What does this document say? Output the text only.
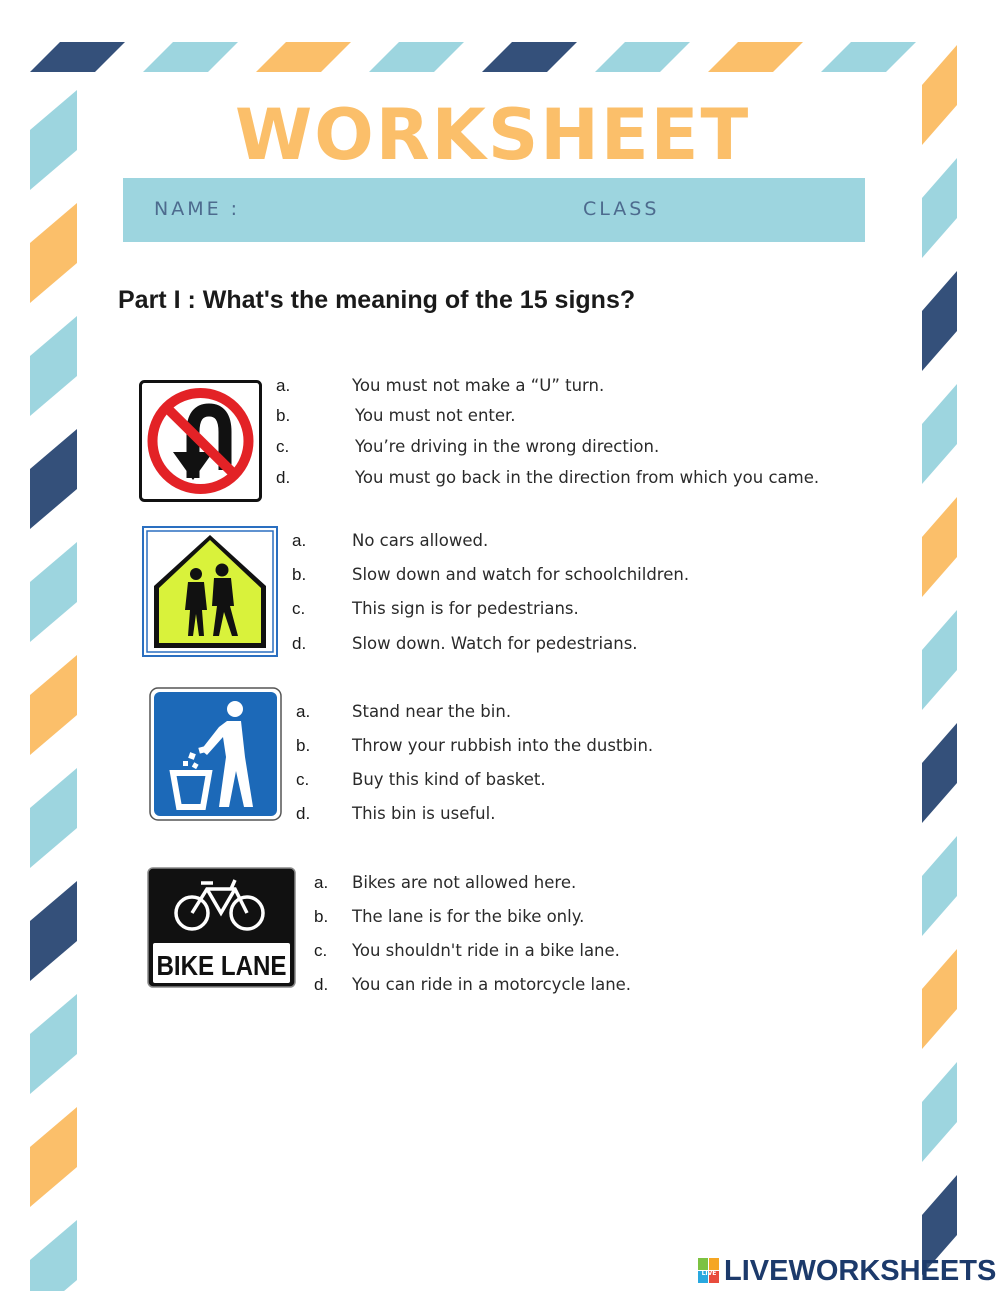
WORKSHEET
NAME :	CLASS
Part I : What's the meaning of the 15 signs?
a.	You must not make a “U” turn.
b.	You must not enter.
c.	You’re driving in the wrong direction.
d.	You must go back in the direction from which you came.
a.	No cars allowed.
b.	Slow down and watch for schoolchildren.
c.	This sign is for pedestrians.
d.	Slow down. Watch for pedestrians.
a.	Stand near the bin.
b.	Throw your rubbish into the dustbin.
c.	Buy this kind of basket.
d.	This bin is useful.
BIKE LANE
a. Bikes are not allowed here.
b. The lane is for the bike only.
c. You shouldn't ride in a bike lane.
d. You can ride in a motorcycle lane.
LIVE LIVEWORKSHEETS
